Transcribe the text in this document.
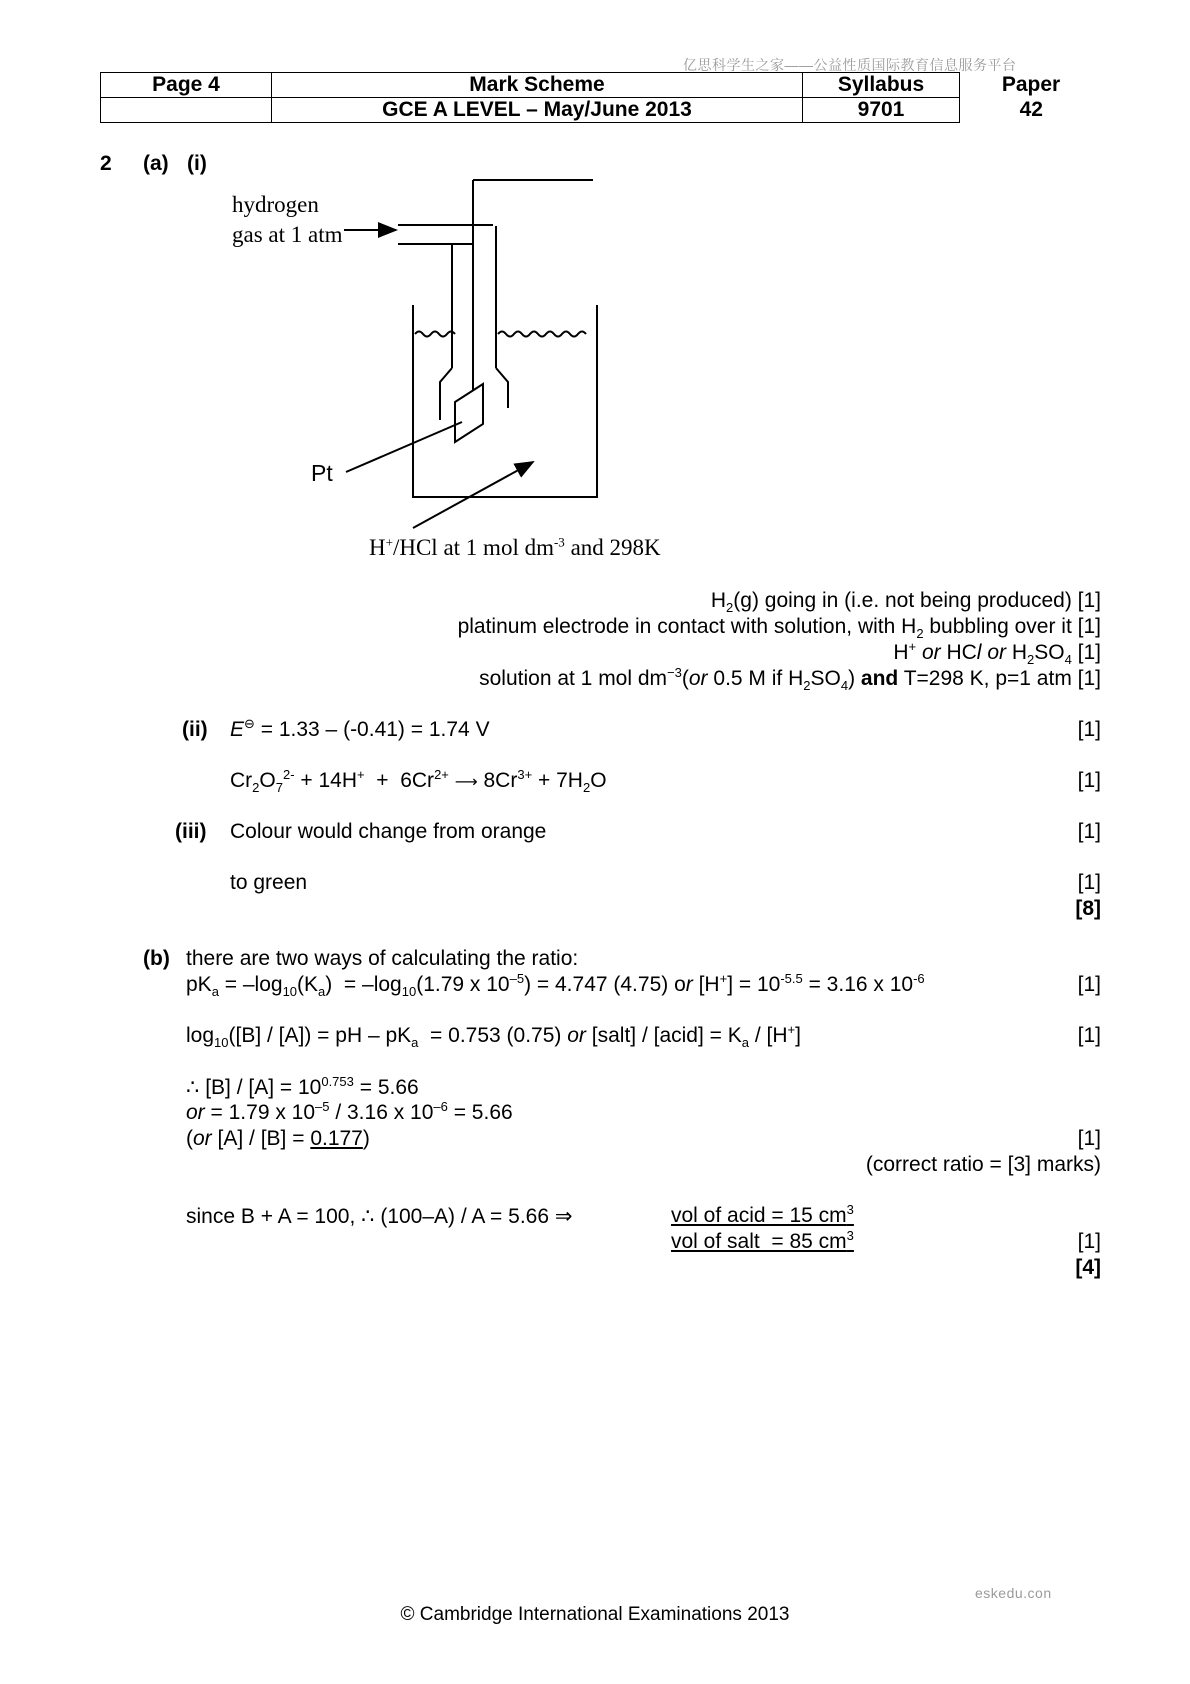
亿思科学生之家——公益性质国际教育信息服务平台
Page 4	Mark Scheme	Syllabus	Paper
	GCE A LEVEL – May/June 2013	9701	42
2 (a) (i)
hydrogen
gas at 1 atm
Pt
H+/HCl at 1 mol $dm^{-3}$ and 298K
$H_2(g)$ going in (i.e. not being produced) [1]
platinum electrode in contact with solution, with $H_2$ bubbling over it [1]
H+ or HCl or $H_2SO_4$ [1]
solution at 1 mol $dm^{-3}(or$ 0.5 M if $H_2SO_4$) and T=298 K, p=1 atm [1]
(ii) E⊖ = 1.33 – (-0.41) = 1.74 V	[1]
$Cr_2O_7^{2-} + 14H^+ + 6Cr^{2+}$ ⟶ $8Cr^{3+} + 7H_2O$	[1]
(iii) Colour would change from orange	[1]
to green	[1]
[8]
(b) there are two ways of calculating the ratio:
$pK_a = -\log_{10}(K_a) = -\log_{10}(1.79$ x $10^{-5}) = 4.747$ (4.75) or $[H^+] = 10^{-5.5} = 3.16$ x $10^{-6}$	[1]
$\log_{10}([B] / [A])$ = pH – $pK_a = 0.753$ (0.75) or [salt] / [acid] = $K_a / [H^+]$	[1]
∴ $[B] / [A] = 10^{0.753} = 5.66$
or = 1.79 x $10^{-5} / 3.16$ x $10^{-6} = 5.66$
(or [A] / [B] = 0.177)	[1]
(correct ratio = [3] marks)
since B + A = 100, ∴ (100–A) / A = 5.66 ⇒	vol of acid = 15 $cm^3$
vol of salt  = 85 $cm^3$	[1]
[4]
eskedu.con
© Cambridge International Examinations 2013
